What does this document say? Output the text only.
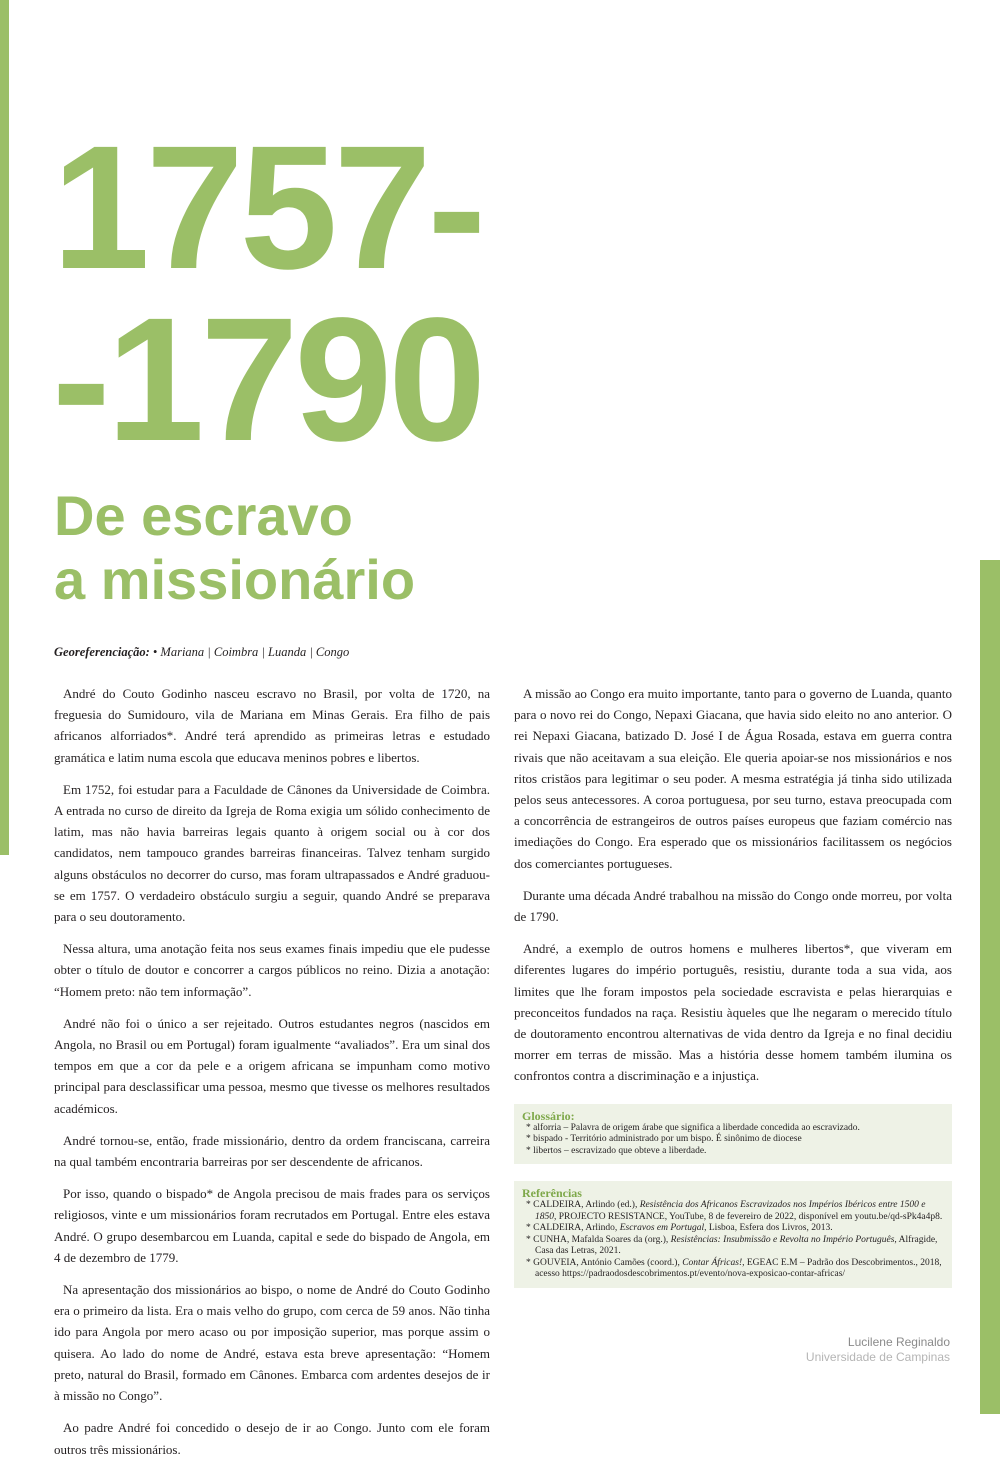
1757-
-1790
De escravo
a missionário
Georeferenciação: • Mariana | Coimbra | Luanda | Congo

André do Couto Godinho nasceu escravo no Brasil, por volta de 1720, na freguesia do Sumidouro, vila de Mariana em Minas Gerais. Era filho de pais africanos alforriados*. André terá aprendido as primeiras letras e estudado gramática e latim numa escola que educava meninos pobres e libertos.

Em 1752, foi estudar para a Faculdade de Cânones da Universidade de Coimbra. A entrada no curso de direito da Igreja de Roma exigia um sólido conhecimento de latim, mas não havia barreiras legais quanto à origem social ou à cor dos candidatos, nem tampouco grandes barreiras financeiras. Talvez tenham surgido alguns obstáculos no decorrer do curso, mas foram ultrapassados e André graduou-se em 1757. O verdadeiro obstáculo surgiu a seguir, quando André se preparava para o seu doutoramento.

Nessa altura, uma anotação feita nos seus exames finais impediu que ele pudesse obter o título de doutor e concorrer a cargos públicos no reino. Dizia a anotação: “Homem preto: não tem informação”.

André não foi o único a ser rejeitado. Outros estudantes negros (nascidos em Angola, no Brasil ou em Portugal) foram igualmente “avaliados”. Era um sinal dos tempos em que a cor da pele e a origem africana se impunham como motivo principal para desclassificar uma pessoa, mesmo que tivesse os melhores resultados académicos.

André tornou-se, então, frade missionário, dentro da ordem franciscana, carreira na qual também encontraria barreiras por ser descendente de africanos.

Por isso, quando o bispado* de Angola precisou de mais frades para os serviços religiosos, vinte e um missionários foram recrutados em Portugal. Entre eles estava André. O grupo desembarcou em Luanda, capital e sede do bispado de Angola, em 4 de dezembro de 1779.

Na apresentação dos missionários ao bispo, o nome de André do Couto Godinho era o primeiro da lista. Era o mais velho do grupo, com cerca de 59 anos. Não tinha ido para Angola por mero acaso ou por imposição superior, mas porque assim o quisera. Ao lado do nome de André, estava esta breve apresentação: “Homem preto, natural do Brasil, formado em Cânones. Embarca com ardentes desejos de ir à missão no Congo”.

Ao padre André foi concedido o desejo de ir ao Congo. Junto com ele foram outros três missionários.

A missão ao Congo era muito importante, tanto para o governo de Luanda, quanto para o novo rei do Congo, Nepaxi Giacana, que havia sido eleito no ano anterior. O rei Nepaxi Giacana, batizado D. José I de Água Rosada, estava em guerra contra rivais que não aceitavam a sua eleição. Ele queria apoiar-se nos missionários e nos ritos cristãos para legitimar o seu poder. A mesma estratégia já tinha sido utilizada pelos seus antecessores. A coroa portuguesa, por seu turno, estava preocupada com a concorrência de estrangeiros de outros países europeus que faziam comércio nas imediações do Congo. Era esperado que os missionários facilitassem os negócios dos comerciantes portugueses.

Durante uma década André trabalhou na missão do Congo onde morreu, por volta de 1790.

André, a exemplo de outros homens e mulheres libertos*, que viveram em diferentes lugares do império português, resistiu, durante toda a sua vida, aos limites que lhe foram impostos pela sociedade escravista e pelas hierarquias e preconceitos fundados na raça. Resistiu àqueles que lhe negaram o merecido título de doutoramento encontrou alternativas de vida dentro da Igreja e no final decidiu morrer em terras de missão. Mas a história desse homem também ilumina os confrontos contra a discriminação e a injustiça.

Glossário:
* alforria – Palavra de origem árabe que significa a liberdade concedida ao escravizado.
* bispado - Território administrado por um bispo. É sinônimo de diocese
* libertos – escravizado que obteve a liberdade.
Referências
* CALDEIRA, Arlindo (ed.), Resistência dos Africanos Escravizados nos Impérios Ibéricos entre 1500 e 1850, PROJECTO RESISTANCE, YouTube, 8 de fevereiro de 2022, disponível em youtu.be/qd-sPk4a4p8.
* CALDEIRA, Arlindo, Escravos em Portugal, Lisboa, Esfera dos Livros, 2013.
* CUNHA, Mafalda Soares da (org.), Resistências: Insubmissão e Revolta no Império Português, Alfragide, Casa das Letras, 2021.
* GOUVEIA, António Camões (coord.), Contar Áfricas!, EGEAC E.M – Padrão dos Descobrimentos., 2018, acesso https://padraodosdescobrimentos.pt/evento/nova-exposicao-contar-africas/
Lucilene Reginaldo
Universidade de Campinas
